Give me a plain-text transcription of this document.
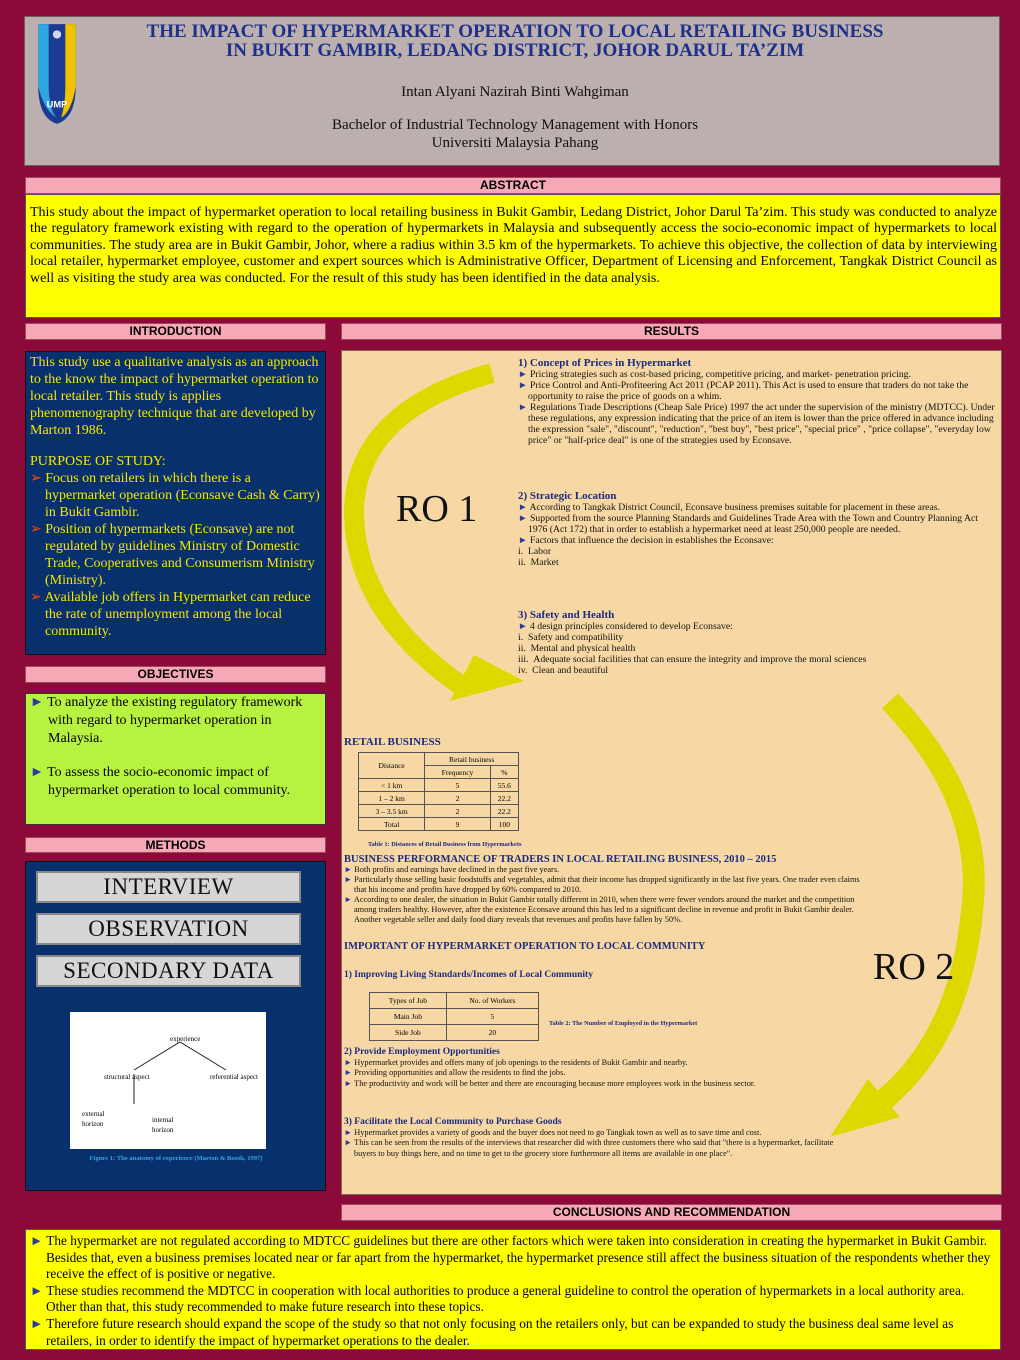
UMP
THE IMPACT OF HYPERMARKET OPERATION TO LOCAL RETAILING BUSINESS
IN BUKIT GAMBIR, LEDANG DISTRICT, JOHOR DARUL TA’ZIM
Intan Alyani Nazirah Binti Wahgiman
Bachelor of Industrial Technology Management with Honors
Universiti Malaysia Pahang
ABSTRACT
This study about the impact of hypermarket operation to local retailing business in Bukit Gambir, Ledang District, Johor Darul Ta’zim. This study was conducted to analyze the regulatory framework existing with regard to the operation of hypermarkets in Malaysia and subsequently access the socio-economic impact of hypermarkets to local communities. The study area are in Bukit Gambir, Johor, where a radius within 3.5 km of the hypermarkets. To achieve this objective, the collection of data by interviewing local retailer, hypermarket employee, customer and expert sources which is Administrative Officer, Department of Licensing and Enforcement, Tangkak District Council as well as visiting the study area was conducted. For the result of this study has been identified in the data analysis.
INTRODUCTION	RESULTS
This study use a qualitative analysis as an approach to the know the impact of hypermarket operation to local retailer. This study is applies phenomenography technique that are developed by Marton 1986.
PURPOSE OF STUDY:
➢ Focus on retailers in which there is a hypermarket operation (Econsave Cash & Carry) in Bukit Gambir.
➢ Position of hypermarkets (Econsave) are not regulated by guidelines Ministry of Domestic Trade, Cooperatives and Consumerism Ministry (Ministry).
➢ Available job offers in Hypermarket can reduce the rate of unemployment among the local community.
OBJECTIVES
► To analyze the existing regulatory framework with regard to hypermarket operation in Malaysia.
► To assess the socio-economic impact of hypermarket operation to local community.
METHODS
INTERVIEW
OBSERVATION
SECONDARY DATA
experience
structural aspect	referential aspect
external horizon	internal horizon
Figure 1: The anatomy of experience (Marton & Booth, 1997)
RO 1
RO 2
1) Concept of Prices in Hypermarket
► Pricing strategies such as cost-based pricing, competitive pricing, and market- penetration pricing.
► Price Control and Anti-Profiteering Act 2011 (PCAP 2011). This Act is used to ensure that traders do not take the opportunity to raise the price of goods on a whim.
► Regulations Trade Descriptions (Cheap Sale Price) 1997 the act under the supervision of the ministry (MDTCC). Under these regulations, any expression indicating that the price of an item is lower than the price offered in advance including the expression "sale", "discount", "reduction", "best buy", "best price", "special price" , "price collapse", "everyday low price" or "half-price deal" is one of the strategies used by Econsave.
2) Strategic Location
► According to Tangkak District Council, Econsave business premises suitable for placement in these areas.
► Supported from the source Planning Standards and Guidelines Trade Area with the Town and Country Planning Act 1976 (Act 172) that in order to establish a hypermarket need at least 250,000 people are needed.
► Factors that influence the decision in establishes the Econsave:
i.  Labor
ii.  Market
3) Safety and Health
► 4 design principles considered to develop Econsave:
i.  Safety and compatibility
ii.  Mental and physical health
iii.  Adequate social facilities that can ensure the integrity and improve the moral sciences
iv.  Clean and beautiful
RETAIL BUSINESS
Distance	Retail business	
	Frequency	%
< 1 km	5	55.6
1 – 2 km	2	22.2
3 – 3.5 km	2	22.2
Total	9	100
Table 1: Distances of Retail Business from Hypermarkets
BUSINESS PERFORMANCE OF TRADERS IN LOCAL RETAILING BUSINESS, 2010 – 2015
► Both profits and earnings have declined in the past five years.
► Particularly those selling basic foodstuffs and vegetables, admit that their income has dropped significantly in the last five years. One trader even claims that his income and profits have dropped by 60% compared to 2010.
► According to one dealer, the situation in Bukit Gambir totally different in 2010, when there were fewer vendors around the market and the competition among traders healthy. However, after the existence Econsave around this has led to a significant decline in revenue and profit in Bukit Gambir dealer. Another vegetable seller and daily food diary reveals that revenues and profits have fallen by 50%.
IMPORTANT OF HYPERMARKET OPERATION TO LOCAL COMMUNITY
1) Improving Living Standards/Incomes of Local Community
Types of Job	No. of Workers
Main Job	5
Side Job	20
Table 2: The Number of Employed in the Hypermarket
2) Provide Employment Opportunities
► Hypermarket provides and offers many of job openings to the residents of Bukit Gambir and nearby.
► Providing opportunities and allow the residents to find the jobs.
► The productivity and work will be better and there are encouraging because more employees work in the business sector.
3) Facilitate the Local Community to Purchase Goods
► Hypermarket provides a variety of goods and the buyer does not need to go Tangkak town as well as to save time and cost.
► This can be seen from the results of the interviews that researcher did with three customers there who said that "there is a hypermarket, facilitate buyers to buy things here, and no time to get to the grocery store furthermore all items are available in one place".
CONCLUSIONS AND RECOMMENDATION
► The hypermarket are not regulated according to MDTCC guidelines but there are other factors which were taken into consideration in creating the hypermarket in Bukit Gambir. Besides that, even a business premises located near or far apart from the hypermarket, the hypermarket presence still affect the business situation of the respondents whether they receive the effect of is positive or negative.
► These studies recommend the MDTCC in cooperation with local authorities to produce a general guideline to control the operation of hypermarkets in a local authority area. Other than that, this study recommended to make future research into these topics.
► Therefore future research should expand the scope of the study so that not only focusing on the retailers only, but can be expanded to study the business deal same level as retailers, in order to identify the impact of hypermarket operations to the dealer.
